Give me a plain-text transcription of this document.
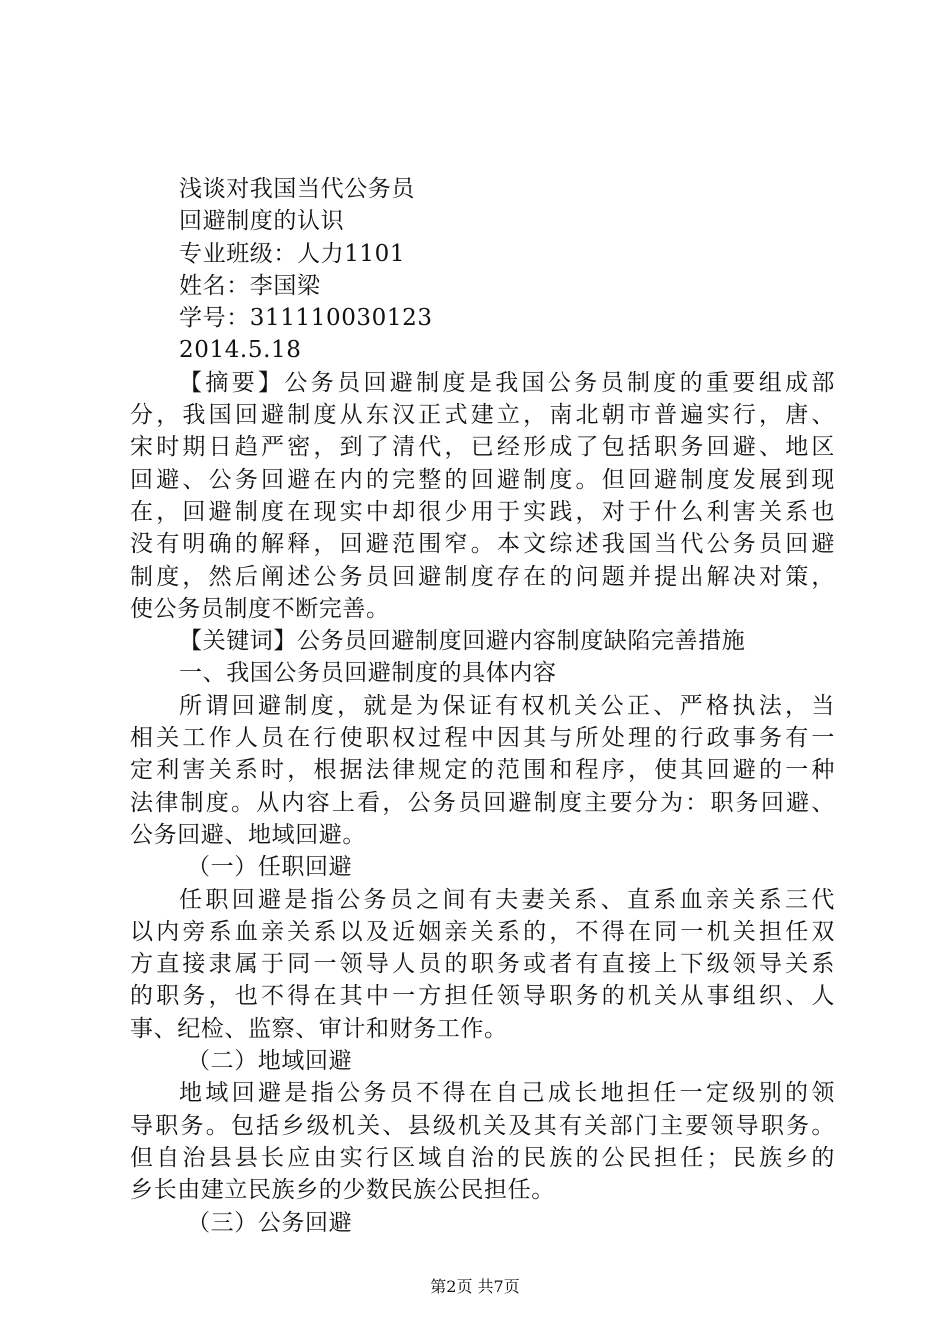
浅谈对我国当代公务员
回避制度的认识
专业班级：人力1101
姓名：李国梁
学号：311110030123
2014.5.18
【摘要】公务员回避制度是我国公务员制度的重要组成部
分，我国回避制度从东汉正式建立，南北朝市普遍实行，唐、
宋时期日趋严密，到了清代，已经形成了包括职务回避、地区
回避、公务回避在内的完整的回避制度。但回避制度发展到现
在，回避制度在现实中却很少用于实践，对于什么利害关系也
没有明确的解释，回避范围窄。本文综述我国当代公务员回避
制度，然后阐述公务员回避制度存在的问题并提出解决对策，
使公务员制度不断完善。
【关键词】公务员回避制度回避内容制度缺陷完善措施
一、我国公务员回避制度的具体内容
所谓回避制度，就是为保证有权机关公正、严格执法，当
相关工作人员在行使职权过程中因其与所处理的行政事务有一
定利害关系时，根据法律规定的范围和程序，使其回避的一种
法律制度。从内容上看，公务员回避制度主要分为：职务回避、
公务回避、地域回避。
（一）任职回避
任职回避是指公务员之间有夫妻关系、直系血亲关系三代
以内旁系血亲关系以及近姻亲关系的，不得在同一机关担任双
方直接隶属于同一领导人员的职务或者有直接上下级领导关系
的职务，也不得在其中一方担任领导职务的机关从事组织、人
事、纪检、监察、审计和财务工作。
（二）地域回避
地域回避是指公务员不得在自己成长地担任一定级别的领
导职务。包括乡级机关、县级机关及其有关部门主要领导职务。
但自治县县长应由实行区域自治的民族的公民担任；民族乡的
乡长由建立民族乡的少数民族公民担任。
（三）公务回避
第2页 共7页
